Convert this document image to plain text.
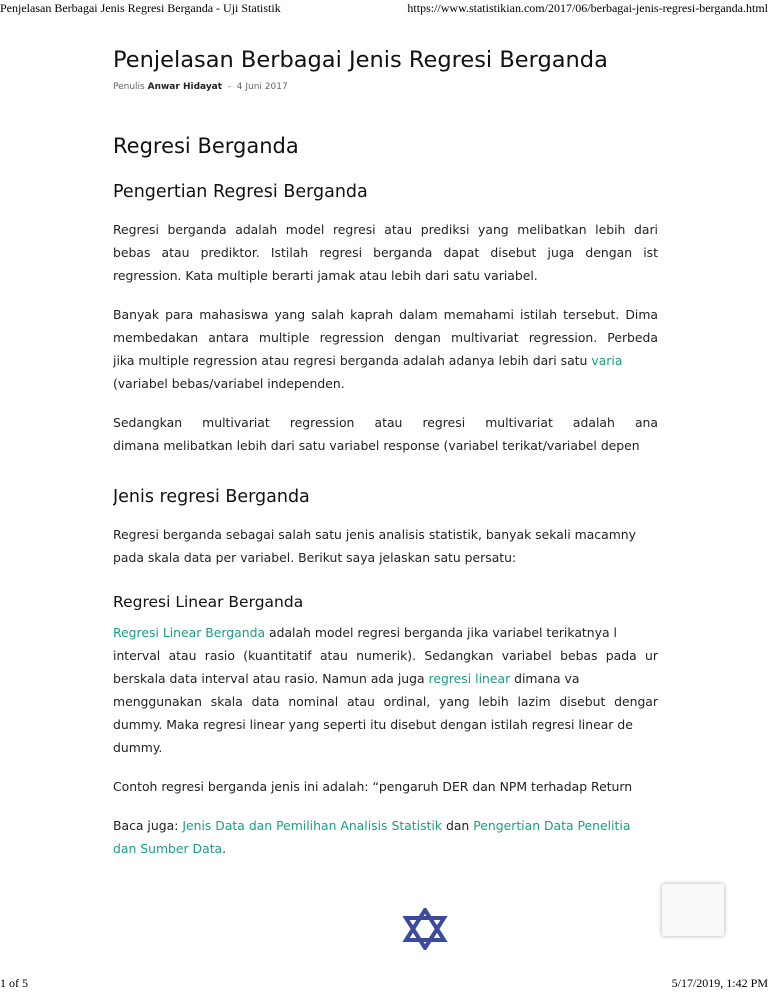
Penjelasan Berbagai Jenis Regresi Berganda - Uji Statistik	https://www.statistikian.com/2017/06/berbagai-jenis-regresi-berganda.html
Penjelasan Berbagai Jenis Regresi Berganda
Penulis Anwar Hidayat - 4 Juni 2017
Regresi Berganda
Pengertian Regresi Berganda
Regresi berganda adalah model regresi atau prediksi yang melibatkan lebih dari
bebas atau prediktor. Istilah regresi berganda dapat disebut juga dengan ist
regression. Kata multiple berarti jamak atau lebih dari satu variabel.
Banyak para mahasiswa yang salah kaprah dalam memahami istilah tersebut. Dima
membedakan antara multiple regression dengan multivariat regression. Perbeda
jika multiple regression atau regresi berganda adalah adanya lebih dari satu varia
(variabel bebas/variabel independen.
Sedangkan multivariat regression atau regresi multivariat adalah ana
dimana melibatkan lebih dari satu variabel response (variabel terikat/variabel depen
Jenis regresi Berganda
Regresi berganda sebagai salah satu jenis analisis statistik, banyak sekali macamny
pada skala data per variabel. Berikut saya jelaskan satu persatu:
Regresi Linear Berganda
Regresi Linear Berganda adalah model regresi berganda jika variabel terikatnya l
interval atau rasio (kuantitatif atau numerik). Sedangkan variabel bebas pada ur
berskala data interval atau rasio. Namun ada juga regresi linear dimana va
menggunakan skala data nominal atau ordinal, yang lebih lazim disebut dengar
dummy. Maka regresi linear yang seperti itu disebut dengan istilah regresi linear de
dummy.
Contoh regresi berganda jenis ini adalah: “pengaruh DER dan NPM terhadap Return
Baca juga: Jenis Data dan Pemilihan Analisis Statistik dan Pengertian Data Penelitia
dan Sumber Data.
1 of 5	5/17/2019, 1:42 PM
